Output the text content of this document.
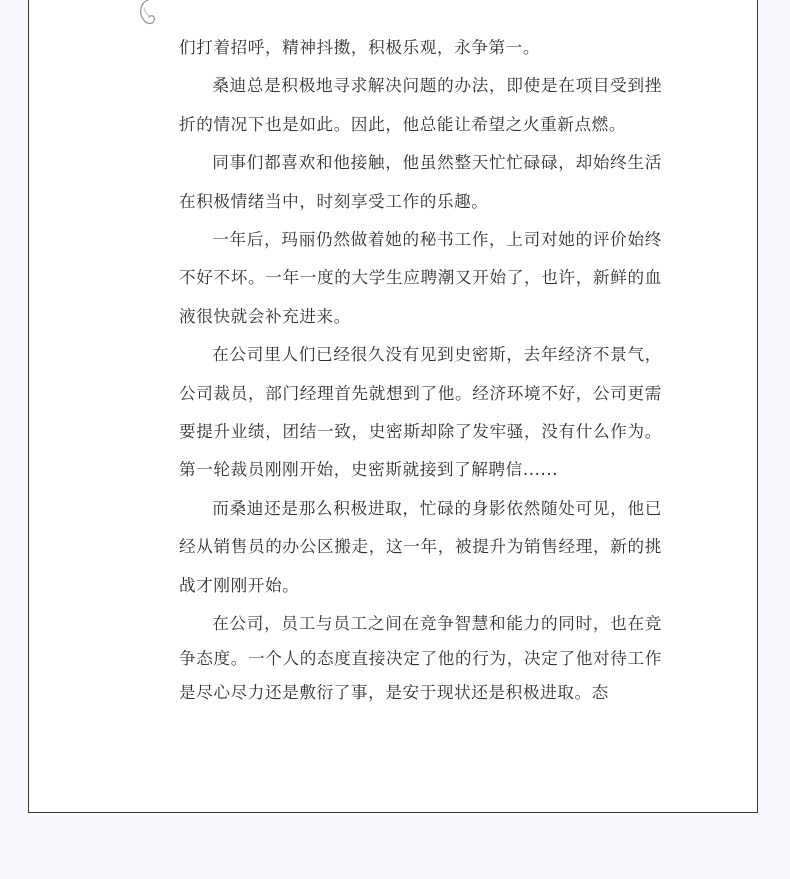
们打着招呼，精神抖擞，积极乐观，永争第一。

桑迪总是积极地寻求解决问题的办法，即使是在项目受到挫折的情况下也是如此。因此，他总能让希望之火重新点燃。

同事们都喜欢和他接触，他虽然整天忙忙碌碌，却始终生活在积极情绪当中，时刻享受工作的乐趣。

一年后，玛丽仍然做着她的秘书工作，上司对她的评价始终不好不坏。一年一度的大学生应聘潮又开始了，也许，新鲜的血液很快就会补充进来。

在公司里人们已经很久没有见到史密斯，去年经济不景气，公司裁员，部门经理首先就想到了他。经济环境不好，公司更需要提升业绩，团结一致，史密斯却除了发牢骚，没有什么作为。第一轮裁员刚刚开始，史密斯就接到了解聘信......

而桑迪还是那么积极进取，忙碌的身影依然随处可见，他已经从销售员的办公区搬走，这一年，被提升为销售经理，新的挑战才刚刚开始。

在公司，员工与员工之间在竞争智慧和能力的同时，也在竞争态度。一个人的态度直接决定了他的行为，决定了他对待工作是尽心尽力还是敷衍了事，是安于现状还是积极进取。态
